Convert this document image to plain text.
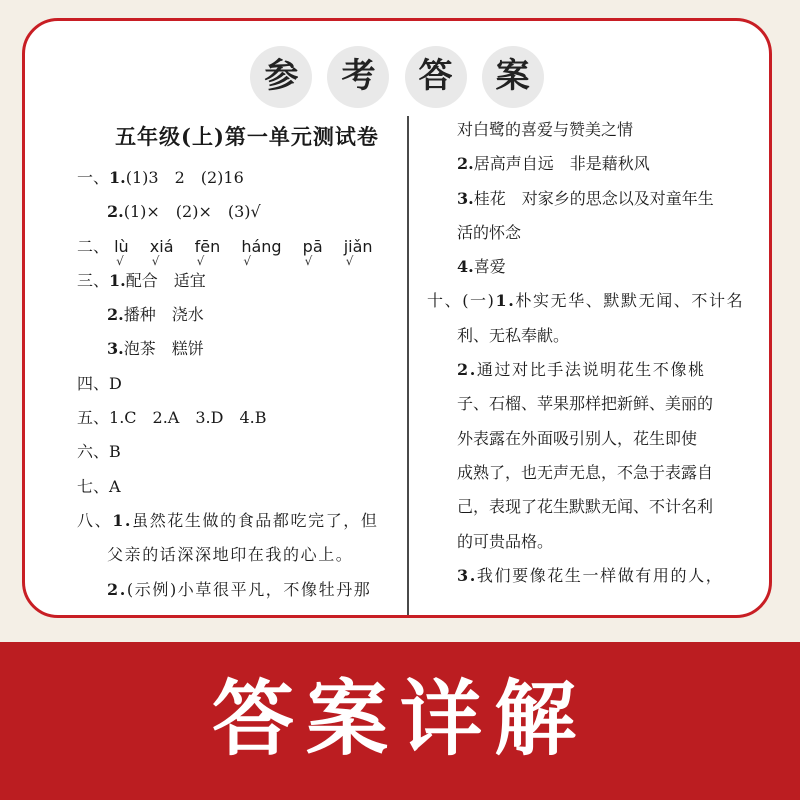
参 考 答 案
五年级(上)第一单元测试卷
一、1.(1)3　2　(2)16
2.(1)×　(2)×　(3)√
二、 lù
√
xiá
√
fēn
√
háng
√
pā
√
jiǎn
√
三、1.配合　适宜
2.播种　浇水
3.泡茶　糕饼
四、D
五、1.C　2.A　3.D　4.B
六、B
七、A
八、1.虽然花生做的食品都吃完了，但
父亲的话深深地印在我的心上。
2.(示例)小草很平凡，不像牡丹那
对白鹭的喜爱与赞美之情
2.居高声自远　非是藉秋风
3.桂花　对家乡的思念以及对童年生
活的怀念
4.喜爱
十、(一)1.朴实无华、默默无闻、不计名
利、无私奉献。
2.通过对比手法说明花生不像桃
子、石榴、苹果那样把新鲜、美丽的
外表露在外面吸引别人，花生即使
成熟了，也无声无息，不急于表露自
己，表现了花生默默无闻、不计名利
的可贵品格。
3.我们要像花生一样做有用的人，
答案详解
